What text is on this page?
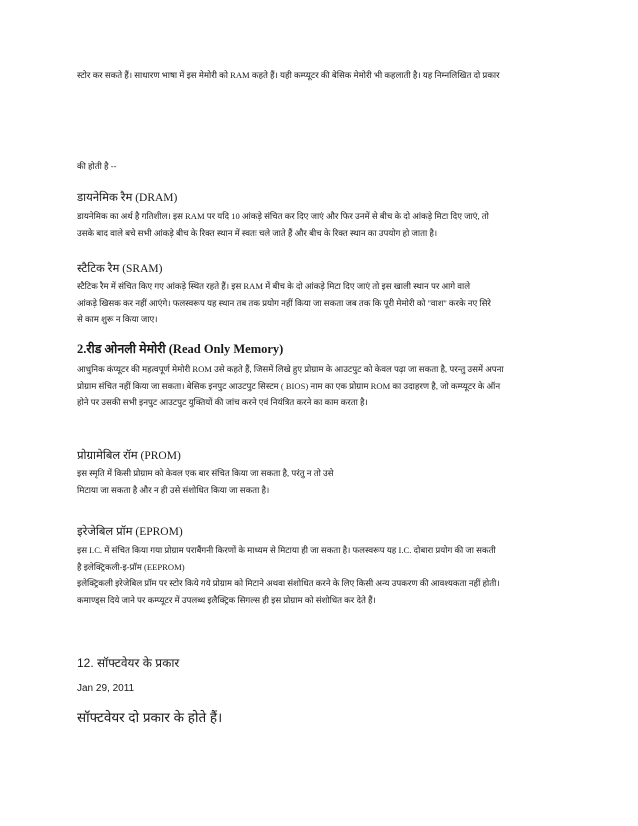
स्टोर कर सकते हैं। साधारण भाषा में इस मेमोरी को RAM कहते हैं। यही कम्प्यूटर की बेसिक मेमोरी भी कहलाती है। यह निम्नलिखित दो प्रकार

की होती है --

डायनेमिक रैम (DRAM)

डायनेमिक का अर्थ है गतिशील। इस RAM पर यदि 10 आंकड़े संचित कर दिए जाएं और फिर उनमें से बीच के दो आंकड़े मिटा दिए जाएं, तो
उसके बाद वाले बचे सभी आंकड़े बीच के रिक्त स्थान में स्वतः चले जाते हैं और बीच के रिक्त स्थान का उपयोग हो जाता है।

स्टैटिक रैम (SRAM)

स्टैटिक रैम में संचित किए गए आंकड़े स्थित रहते हैं। इस RAM में बीच के दो आंकड़े मिटा दिए जाएं तो इस खाली स्थान पर आगे वाले
आंकड़े खिसक कर नहीं आएंगे। फलस्वरूप यह स्थान तब तक प्रयोग नहीं किया जा सकता जब तक कि पूरी मेमोरी को ''वाश'' करके नए सिरे
से काम शुरू न किया जाए।

2.रीड ओनली मेमोरी (Read Only Memory)

आधुनिक कंप्यूटर की महत्वपूर्ण मेमोरी ROM उसे कहते हैं, जिसमें लिखे हुए प्रोग्राम के आउटपुट को केवल पढ़ा जा सकता है, परन्तु उसमें अपना
प्रोग्राम संचित नहीं किया जा सकता। बेसिक इनपुट आउटपुट सिस्टम ( BIOS) नाम का एक प्रोग्राम ROM का उदाहरण है, जो कम्प्यूटर के ऑन
होने पर उसकी सभी इनपुट आउटपुट युक्तियों की जांच करने एवं नियंत्रित करने का काम करता है।

प्रोग्रामेबिल रॉम (PROM)

इस स्मृति में किसी प्रोग्राम को केवल एक बार संचित किया जा सकता है, परंतु न तो उसे
मिटाया जा सकता है और न ही उसे संशोधित किया जा सकता है।

इरेजेबिल प्रॉम (EPROM)

इस I.C. में संचित किया गया प्रोग्राम पराबैंगनी किरणों के माध्यम से मिटाया ही जा सकता है। फलस्वरूप यह I.C. दोबारा प्रयोग की जा सकती
है इलेक्ट्रिकली-इ-प्रॉम (EEPROM)
इलेक्ट्रिकली इरेजेबिल प्रॉम पर स्टोर किये गये प्रोग्राम को मिटाने अथवा संशोधित करने के लिए किसी अन्य उपकरण की आवश्यकता नहीं होती।
कमाण्ड्स दिये जाने पर कम्प्यूटर में उपलब्ध इलैक्ट्रिक सिगल्स ही इस प्रोग्राम को संशोधित कर देते हैं।

12. सॉफ्टवेयर के प्रकार
Jan 29, 2011
सॉफ्टवेयर दो प्रकार के होते हैं।
